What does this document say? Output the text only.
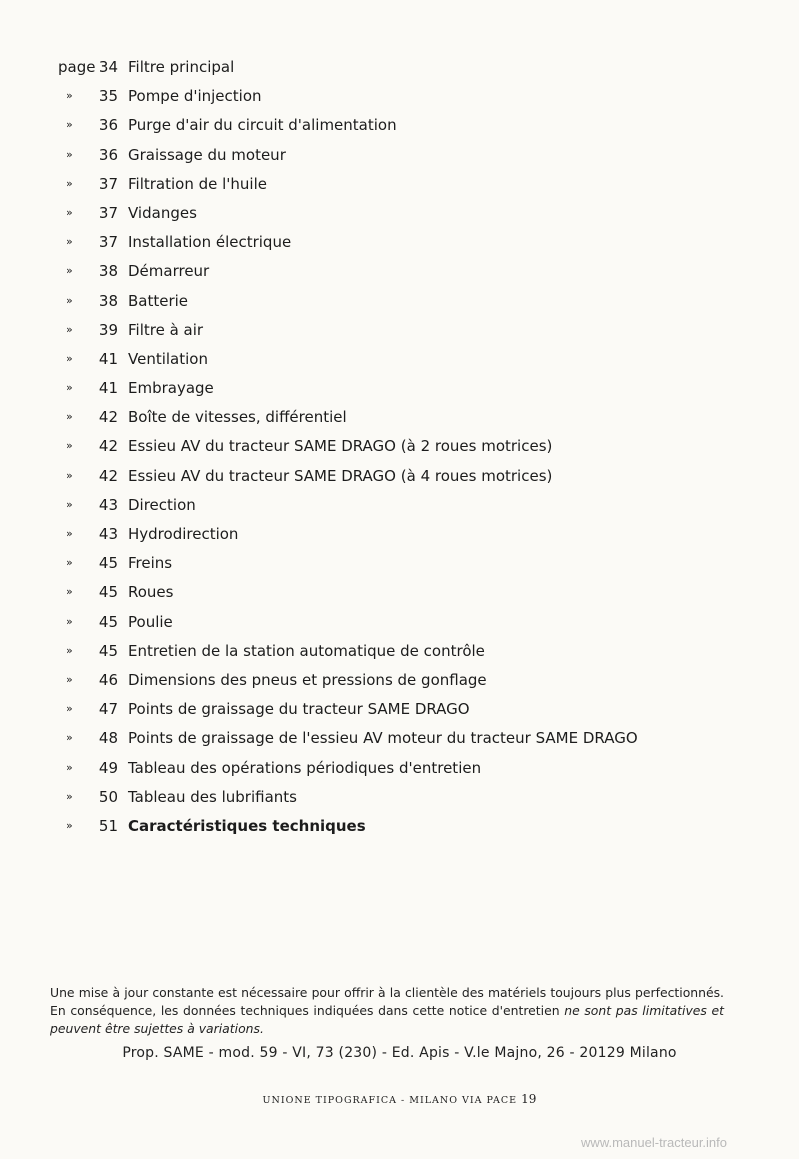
page 34 Filtre principal
»	35 Pompe d'injection
»	36 Purge d'air du circuit d'alimentation
»	36 Graissage du moteur
»	37 Filtration de l'huile
»	37 Vidanges
»	37 Installation électrique
»	38 Démarreur
»	38 Batterie
»	39 Filtre à air
»	41 Ventilation
»	41 Embrayage
»	42 Boîte de vitesses, différentiel
»	42 Essieu AV du tracteur SAME DRAGO (à 2 roues motrices)
»	42 Essieu AV du tracteur SAME DRAGO (à 4 roues motrices)
»	43 Direction
»	43 Hydrodirection
»	45 Freins
»	45 Roues
»	45 Poulie
»	45 Entretien de la station automatique de contrôle
»	46 Dimensions des pneus et pressions de gonflage
»	47 Points de graissage du tracteur SAME DRAGO
»	48 Points de graissage de l'essieu AV moteur du tracteur SAME DRAGO
»	49 Tableau des opérations périodiques d'entretien
»	50 Tableau des lubrifiants
»	51 Caractéristiques techniques
Une mise à jour constante est nécessaire pour offrir à la clientèle des matériels toujours plus perfectionnés. En conséquence, les données techniques indiquées dans cette notice d'entretien ne sont pas limitatives et peuvent être sujettes à variations.
Prop. SAME - mod. 59 - VI, 73 (230) - Ed. Apis - V.le Majno, 26 - 20129 Milano
UNIONE TIPOGRAFICA - MILANO VIA PACE 19
www.manuel-tracteur.info
